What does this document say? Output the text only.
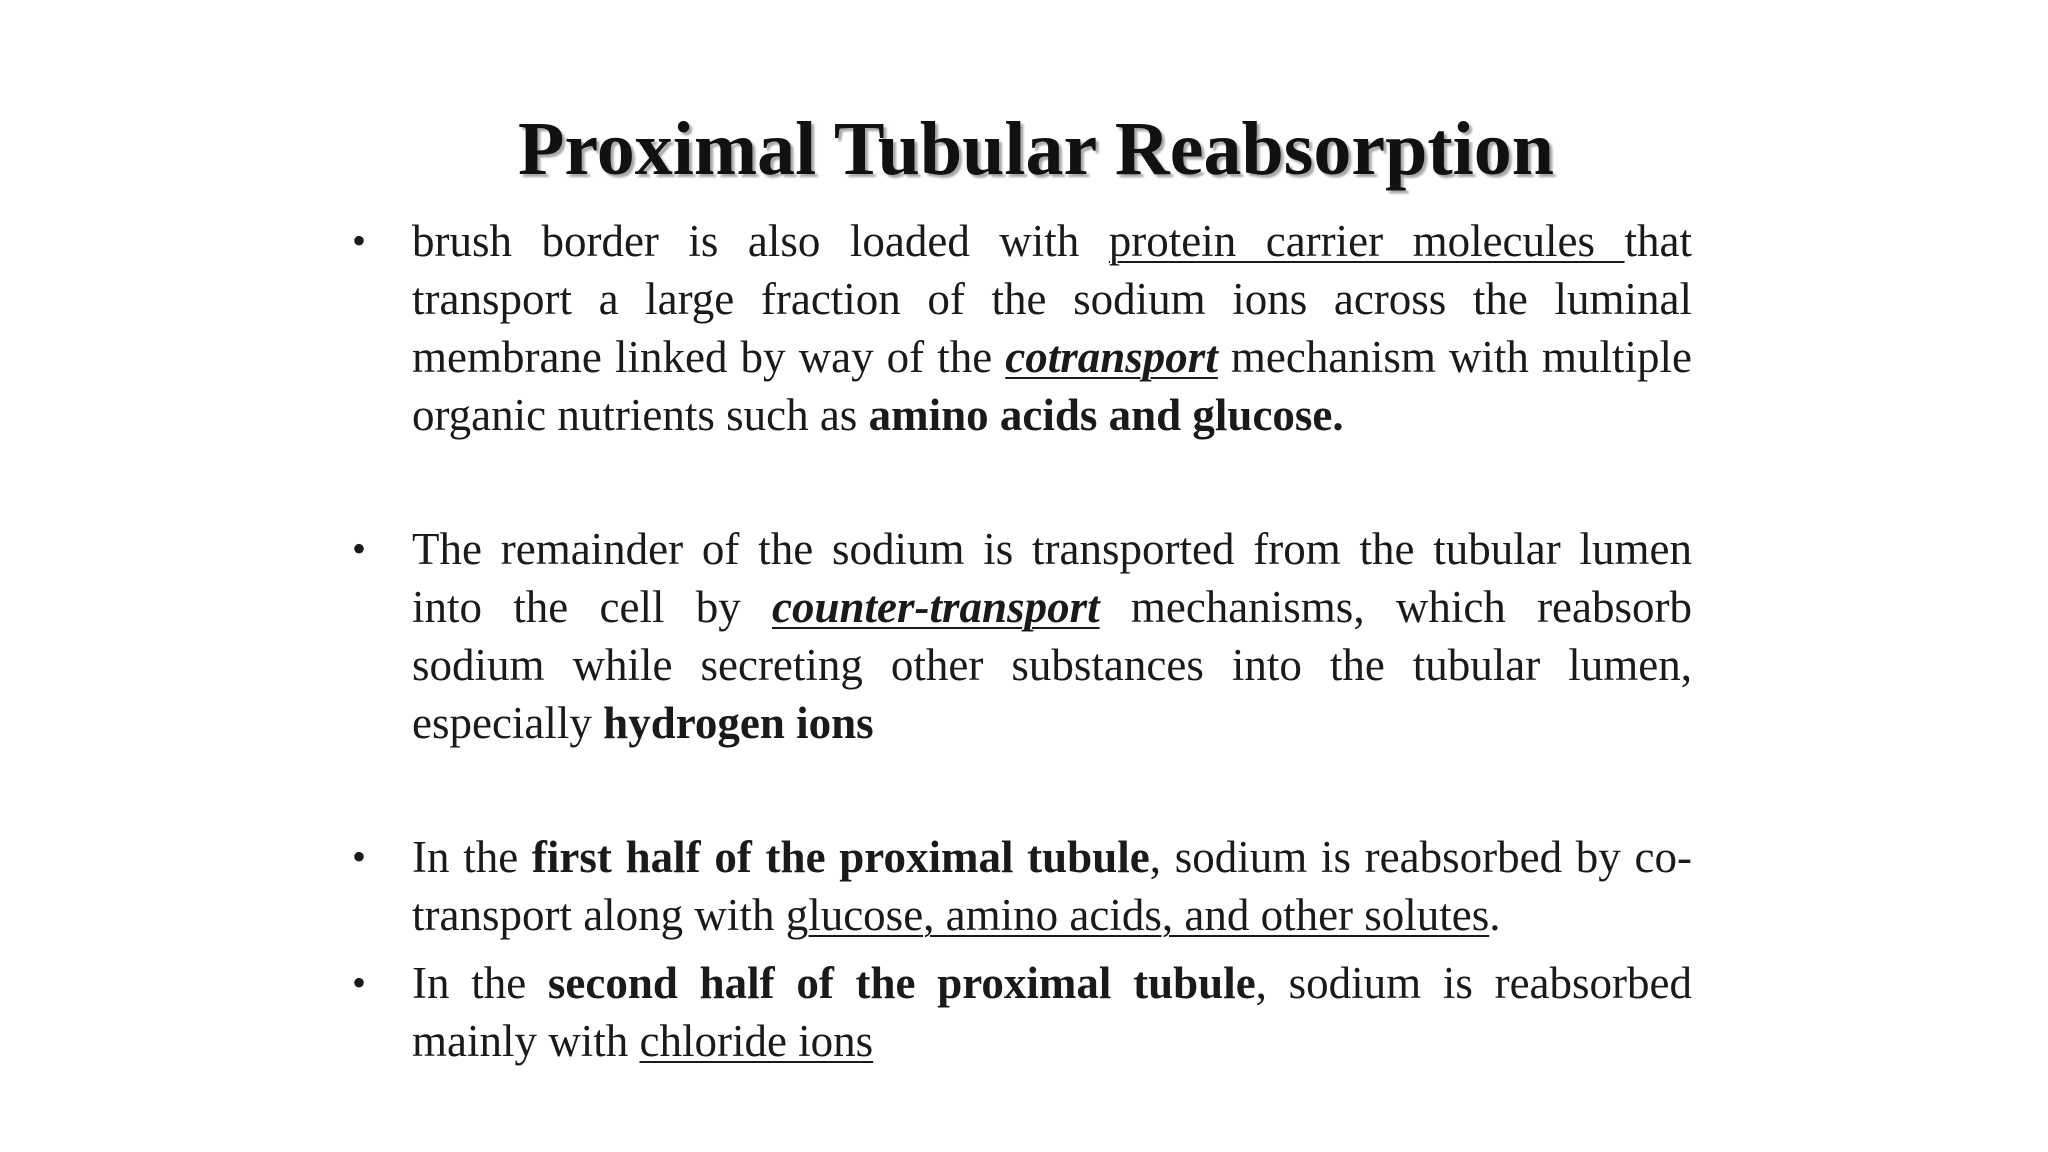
Proximal Tubular Reabsorption
•	brush border is also loaded with protein carrier molecules that transport a large fraction of the sodium ions across the luminal membrane linked by way of the cotransport mechanism with multiple organic nutrients such as amino acids and glucose.
•	The remainder of the sodium is transported from the tubular lumen into the cell by counter-transport mechanisms, which reabsorb sodium while secreting other substances into the tubular lumen, especially hydrogen ions
•	In the first half of the proximal tubule, sodium is reabsorbed by co-transport along with glucose, amino acids, and other solutes.
•	In the second half of the proximal tubule, sodium is reabsorbed mainly with chloride ions
